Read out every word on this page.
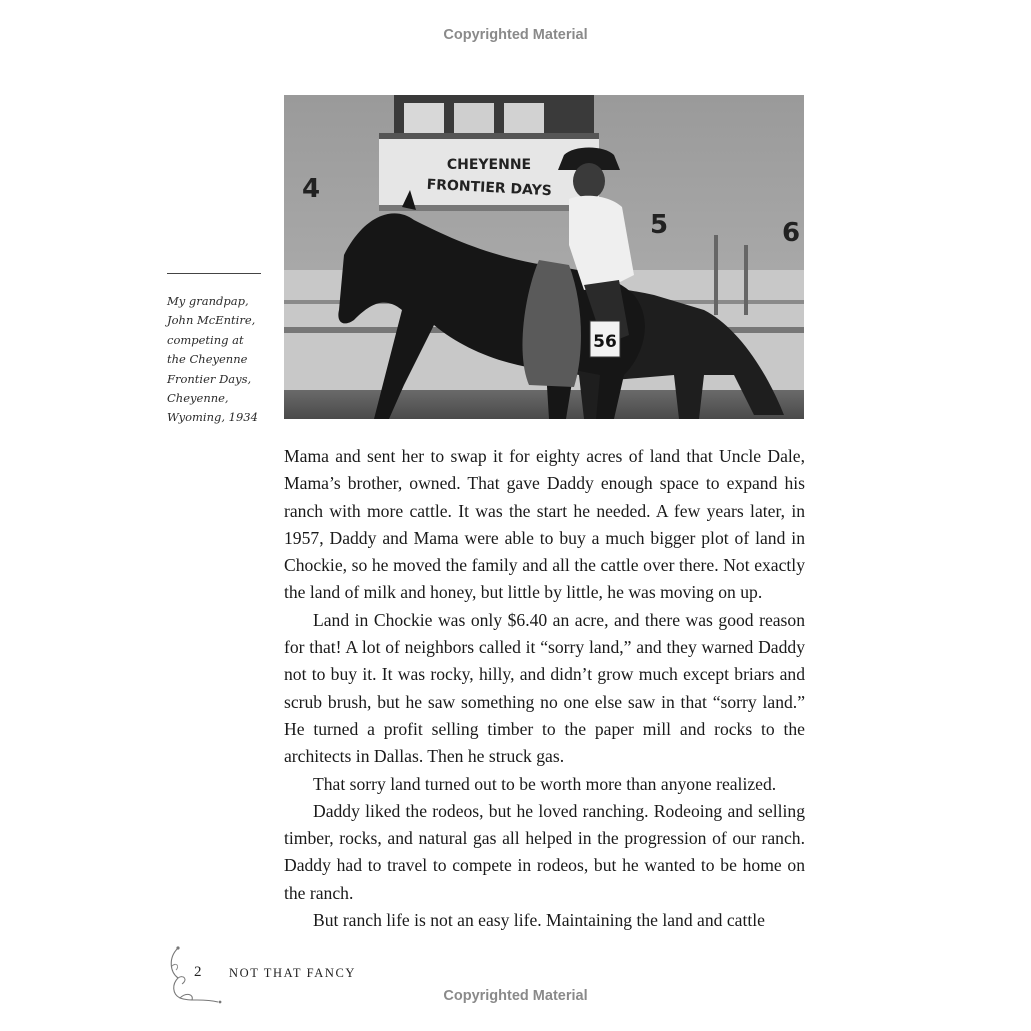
Copyrighted Material
CHEYENNE
FRONTIER DAYS
4
5	6
56
My grandpap,
John McEntire,
competing at
the Cheyenne
Frontier Days,
Cheyenne,
Wyoming, 1934

Mama and sent her to swap it for eighty acres of land that Uncle Dale, Mama’s brother, owned. That gave Daddy enough space to expand his ranch with more cattle. It was the start he needed. A few years later, in 1957, Daddy and Mama were able to buy a much bigger plot of land in Chockie, so he moved the family and all the cattle over there. Not exactly the land of milk and honey, but little by little, he was moving on up.

Land in Chockie was only $6.40 an acre, and there was good reason for that! A lot of neighbors called it “sorry land,” and they warned Daddy not to buy it. It was rocky, hilly, and didn’t grow much except briars and scrub brush, but he saw something no one else saw in that “sorry land.” He turned a profit selling timber to the paper mill and rocks to the architects in Dallas. Then he struck gas.

That sorry land turned out to be worth more than anyone realized.

Daddy liked the rodeos, but he loved ranching. Rodeoing and selling timber, rocks, and natural gas all helped in the progression of our ranch. Daddy had to travel to compete in rodeos, but he wanted to be home on the ranch.

But ranch life is not an easy life. Maintaining the land and cattle

2 NOT THAT FANCY
Copyrighted Material
